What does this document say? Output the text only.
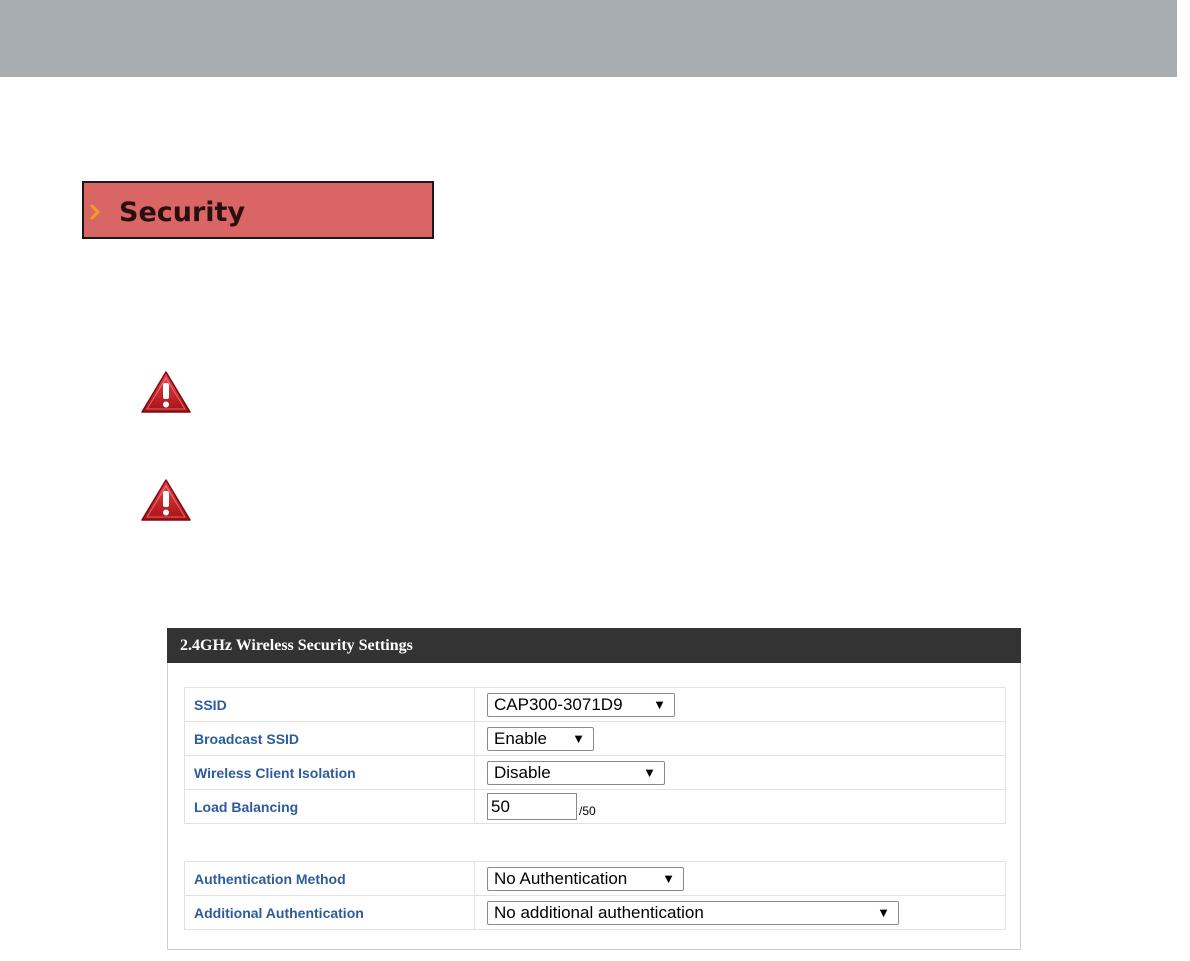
Security
2.4GHz Wireless Security Settings
SSID	CAP300-3071D9 ▼

Broadcast SSID	Enable ▼

Wireless Client Isolation	Disable ▼

Load Balancing	50 /50
Authentication Method	No Authentication ▼

Additional Authentication	No additional authentication ▼
